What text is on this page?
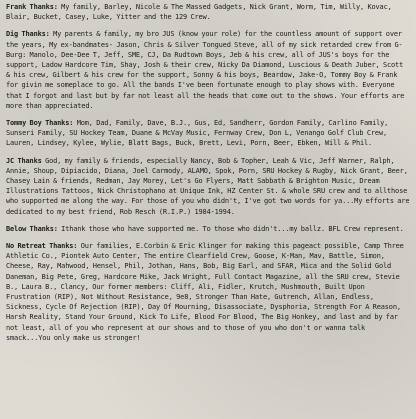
Frank Thanks: My family, Barley, Nicole & The Massed Gadgets, Nick Grant, Worm, Tim, Willy, Kovac, Blair, Bucket, Casey, Luke, Yitter and the 129 Crew.
Dig Thanks: My parents & family, my bro JUS (know your role) for the countless amount of support over the years, My ex-bandmates- Jason, Chris & Silver Tongued Steve, all of my sick retarded crew from G-Burg: Manolo, Dee-Dee T, Jeff, SME, CJ, Da Rudtown Boys, Jeb & his crew, all of JUS's boys for the support, Ladow Hardcore Tim, Shay, Josh & their crew, Nicky Da Diamond, Luscious & Death Juber, Scott & his crew, Gilbert & his crew for the support, Sonny & his boys, Beardow, Jake-O, Tommy Boy & Frank for givin me someplace to go. All the bands I've been fortunate enough to play shows with. Everyone that I forgot and last but by far not least all the heads that come out to the shows. Your efforts are more than appreciated.
Tommy Boy Thanks: Mom, Dad, Family, Dave, B.J., Gus, Ed, Sandherr, Gordon Family, Carlino Family, Sunseri Family, SU Hockey Team, Duane & McVay Music, Fernway Crew, Don L, Venango Golf Club Crew, Lauren, Lindsey, Kylee, Wylie, Blatt Bags, Buck, Brett, Levi, Porn, Beer, Ebken, Will & Phil.
JC Thanks God, my family & friends, especially Nancy, Bob & Topher, Leah & Vic, Jeff Warner, Ralph, Annie, Shoup, Dipiacido, Diana, Joel Carmody, ALAMO, Spok, Porn, SRU Hockey & Rugby, Nick Grant, Beer, Chasey Lain & friends, Redman, Jay Morey, Let's Go Flyers, Matt Sabbath & Brighton Music, Dream Illustrations Tattoos, Nick Christophano at Unique Ink, HZ Center St. & whole SRU crew and to allthose who supported me along the way. For those of you who didn't, I've got two words for ya...My efforts are dedicated to my best friend, Rob Resch (R.I.P.) 1984-1994.
Below Thanks: Ithank those who have supported me. To those who didn't...my ballz. BFL Crew represent.
No Retreat Thanks: Our families, E.Corbin & Eric Klinger for making this pageact possible, Camp Three Athletic Co., Piontek Auto Center, The entire Clearfield Crew, Goose, K-Man, Mav, Battle, Simon, Cheese, Ray, Mahwood, Hensel, Phil, Jothan, Hans, Bob, Big Earl, and SFAR, Mica and the Solid Gold Daneman, Big Pete, Greg, Hardcore Mike, Jack Wright, Full Contact Magazine, all the SRU crew, Stevie B., Laura B., Clancy, Our former members: Cliff, Ali, Fidler, Krutch, Mushmouth, Built Upon Frustration (RIP), Not Without Resistance, 9e8, Stronger Than Hate, Gutrench, Allan, Endless, Sickness, Cycle Of Rejection (RIP), Day Of Mourning, Disassociate, Dysphoria, Strength For A Reason, Harsh Reality, Stand Your Ground, Kick To Life, Blood For Blood, The Big Honkey, and last and by far not least, all of you who represent at our shows and to those of you who don't or wanna talk smack...You only make us stronger!
